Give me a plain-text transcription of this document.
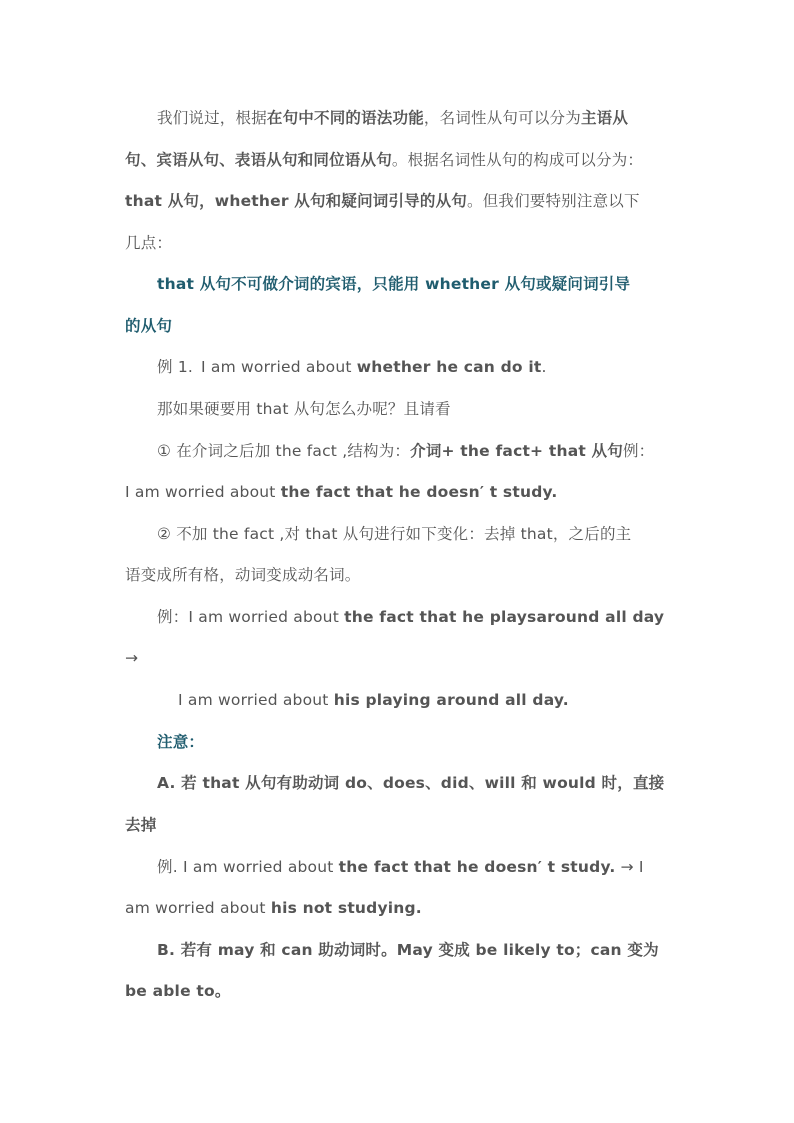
我们说过，根据在句中不同的语法功能，名词性从句可以分为主语从
句、宾语从句、表语从句和同位语从句。根据名词性从句的构成可以分为：
that 从句，whether 从句和疑问词引导的从句。但我们要特别注意以下
几点：
that 从句不可做介词的宾语，只能用 whether 从句或疑问词引导
的从句
例 1. I am worried about whether he can do it.
那如果硬要用 that 从句怎么办呢？且请看
① 在介词之后加 the fact ,结构为：介词+ the fact+ that 从句例：
I am worried about the fact that he doesn′ t study.
② 不加 the fact ,对 that 从句进行如下变化：去掉 that，之后的主
语变成所有格，动词变成动名词。
例：I am worried about the fact that he playsaround all day
→
I am worried about his playing around all day.
注意：
A. 若 that 从句有助动词 do、does、did、will 和 would 时，直接
去掉
例. I am worried about the fact that he doesn′ t study. → I
am worried about his not studying.
B. 若有 may 和 can 助动词时。May 变成 be likely to；can 变为
be able to。
